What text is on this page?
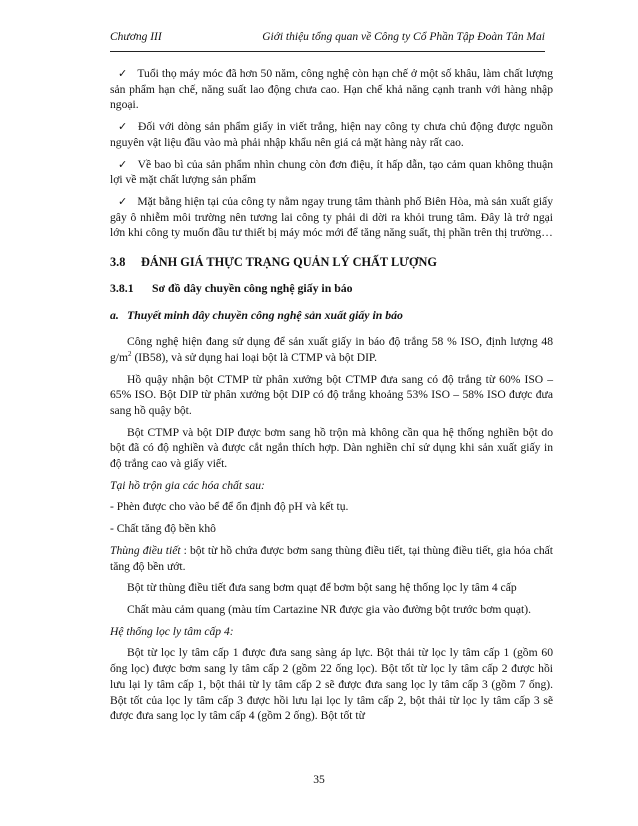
Chương III	Giới thiệu tổng quan về Công ty Cổ Phần Tập Đoàn Tân Mai

✓ Tuổi thọ máy móc đã hơn 50 năm, công nghệ còn hạn chế ở một số khâu, làm chất lượng sản phẩm hạn chế, năng suất lao động chưa cao. Hạn chế khả năng cạnh tranh với hàng nhập ngoại.

✓ Đối với dòng sản phẩm giấy in viết trắng, hiện nay công ty chưa chủ động được nguồn nguyên vật liệu đầu vào mà phải nhập khẩu nên giá cả mặt hàng này rất cao.

✓ Về bao bì của sản phẩm nhìn chung còn đơn điệu, ít hấp dẫn, tạo cảm quan không thuận lợi về mặt chất lượng sản phẩm

✓ Mặt bằng hiện tại của công ty nằm ngay trung tâm thành phố Biên Hòa, mà sản xuất giấy gây ô nhiễm môi trường nên tương lai công ty phải di dời ra khỏi trung tâm. Đây là trở ngại lớn khi công ty muốn đầu tư thiết bị máy móc mới để tăng năng suất, thị phần trên thị trường…

3.8	ĐÁNH GIÁ THỰC TRẠNG QUẢN LÝ CHẤT LƯỢNG

3.8.1	Sơ đồ dây chuyền công nghệ giấy in báo

a. Thuyết minh dây chuyền công nghệ sản xuất giấy in báo

Công nghệ hiện đang sử dụng để sản xuất giấy in báo độ trắng 58 % ISO, định lượng 48 $g/m^2$ (IB58), và sử dụng hai loại bột là CTMP và bột DIP.

Hồ quậy nhận bột CTMP từ phân xưởng bột CTMP đưa sang có độ trắng từ 60% ISO – 65% ISO. Bột DIP từ phân xưởng bột DIP có độ trắng khoảng 53% ISO – 58% ISO được đưa sang hồ quậy bột.

Bột CTMP và bột DIP được bơm sang hồ trộn mà không cần qua hệ thống nghiền bột do bột đã có độ nghiền và được cắt ngắn thích hợp. Dàn nghiền chỉ sử dụng khi sản xuất giấy in độ trắng cao và giấy viết.

Tại hồ trộn gia các hóa chất sau:

- Phèn được cho vào bể để ổn định độ pH và kết tụ.

- Chất tăng độ bền khô

Thùng điều tiết : bột từ hồ chứa được bơm sang thùng điều tiết, tại thùng điều tiết, gia hóa chất tăng độ bền ướt.

Bột từ thùng điều tiết đưa sang bơm quạt để bơm bột sang hệ thống lọc ly tâm 4 cấp

Chất màu cảm quang (màu tím Cartazine NR được gia vào đường bột trước bơm quạt).

Hệ thống lọc ly tâm cấp 4:

Bột từ lọc ly tâm cấp 1 được đưa sang sàng áp lực. Bột thải từ lọc ly tâm cấp 1 (gồm 60 ống lọc) được bơm sang ly tâm cấp 2 (gồm 22 ống lọc). Bột tốt từ lọc ly tâm cấp 2 được hồi lưu lại ly tâm cấp 1, bột thải từ ly tâm cấp 2 sẽ được đưa sang lọc ly tâm cấp 3 (gồm 7 ống). Bột tốt của lọc ly tâm cấp 3 được hồi lưu lại lọc ly tâm cấp 2, bột thải từ lọc ly tâm cấp 3 sẽ được đưa sang lọc ly tâm cấp 4 (gồm 2 ống). Bột tốt từ

35
